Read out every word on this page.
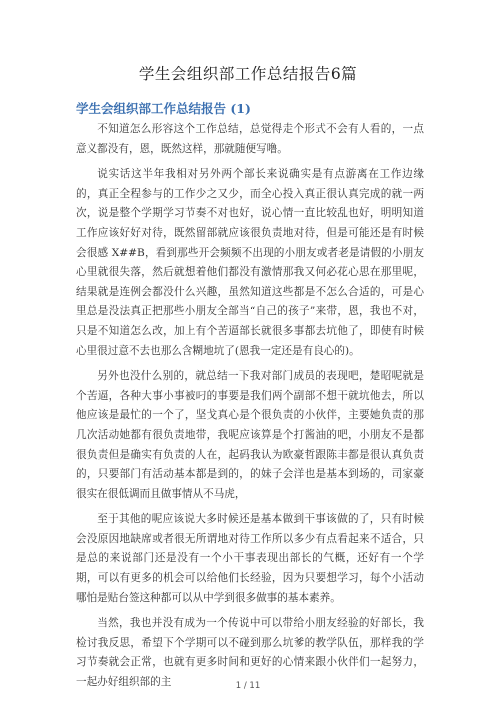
学生会组织部工作总结报告6篇
学生会组织部工作总结报告 (1)

不知道怎么形容这个工作总结，总觉得走个形式不会有人看的，一点意义都没有，恩，既然这样，那就随便写噜。

说实话这半年我相对另外两个部长来说确实是有点游离在工作边缘的，真正全程参与的工作少之又少，而全心投入真正很认真完成的就一两次，说是整个学期学习节奏不对也好，说心情一直比较乱也好，明明知道工作应该好好对待，既然留部就应该很负责地对待，但是可能还是有时候会很感 X##B，看到那些开会频频不出现的小朋友或者老是请假的小朋友心里就很失落，然后就想着他们都没有激情那我又何必花心思在那里呢，结果就是连例会都没什么兴趣，虽然知道这些都是不怎么合适的，可是心里总是没法真正把那些小朋友全部当“自己的孩子”来带，恩，我也不对，只是不知道怎么改，加上有个苦逼部长就很多事都去坑他了，即使有时候心里很过意不去也那么含糊地坑了(恩我一定还是有良心的)。

另外也没什么别的，就总结一下我对部门成员的表现吧，楚昭呢就是个苦逼，各种大事小事被叼的事要是我们两个副部不想干就坑他去，所以他应该是最忙的一个了，坚戈真心是个很负责的小伙伴，主要她负责的那几次活动她都有很负责地带，我呢应该算是个打酱油的吧，小朋友不是都很负责但是确实有负责的人在，起码我认为欧豪哲跟陈丰都是很认真负责的，只要部门有活动基本都是到的，的妹子会洋也是基本到场的，司家豪很实在很低调而且做事情从不马虎，

至于其他的呢应该说大多时候还是基本做到干事该做的了，只有时候会没原因地缺席或者很无所谓地对待工作所以多少有点看起来不适合，只是总的来说部门还是没有一个小干事表现出部长的气概，还好有一个学期，可以有更多的机会可以给他们长经验，因为只要想学习，每个小活动哪怕是贴台签这种都可以从中学到很多做事的基本素养。

当然，我也并没有成为一个传说中可以带给小朋友经验的好部长，我检讨我反思，希望下个学期可以不碰到那么坑爹的教学队伍，那样我的学习节奏就会正常，也就有更多时间和更好的心情来跟小伙伴们一起努力，一起办好组织部的主	1 / 11
